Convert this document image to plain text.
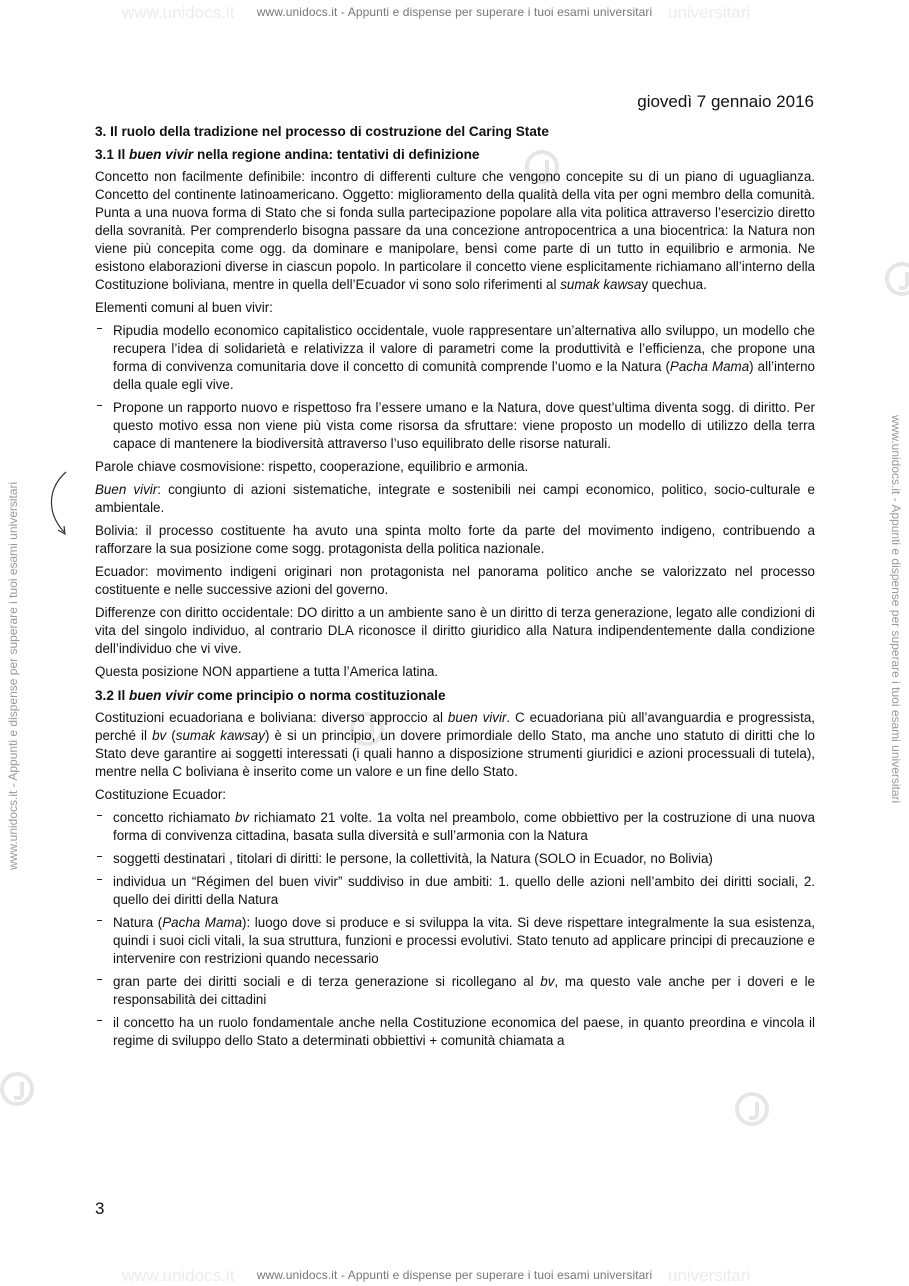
www.unidocs.it	universitari
www.unidocs.it	universitari
www.unidocs.it - Appunti e dispense per superare i tuoi esami universitari
www.unidocs.it - Appunti e dispense per superare i tuoi esami universitari	www.unidocs.it - Appunti e dispense per superare i tuoi esami universitari
giovedì 7 gennaio 2016
3. Il ruolo della tradizione nel processo di costruzione del Caring State
3.1 Il buen vivir nella regione andina: tentativi di definizione

Concetto non facilmente definibile: incontro di differenti culture che vengono concepite su di un piano di uguaglianza. Concetto del continente latinoamericano. Oggetto: miglioramento della qualità della vita per ogni membro della comunità. Punta a una nuova forma di Stato che si fonda sulla partecipazione popolare alla vita politica attraverso l’esercizio diretto della sovranità. Per comprenderlo bisogna passare da una concezione antropocentrica a una biocentrica: la Natura non viene più concepita come ogg. da dominare e manipolare, bensì come parte di un tutto in equilibrio e armonia. Ne esistono elaborazioni diverse in ciascun popolo. In particolare il concetto viene esplicitamente richiamano all’interno della Costituzione boliviana, mentre in quella dell’Ecuador vi sono solo riferimenti al sumak kawsay quechua.

Elementi comuni al buen vivir:

Ripudia modello economico capitalistico occidentale, vuole rappresentare un’alternativa allo sviluppo, un modello che recupera l’idea di solidarietà e relativizza il valore di parametri come la produttività e l’efficienza, che propone una forma di convivenza comunitaria dove il concetto di comunità comprende l’uomo e la Natura (Pacha Mama) all’interno della quale egli vive.
Propone un rapporto nuovo e rispettoso fra l’essere umano e la Natura, dove quest’ultima diventa sogg. di diritto. Per questo motivo essa non viene più vista come risorsa da sfruttare: viene proposto un modello di utilizzo della terra capace di mantenere la biodiversità attraverso l’uso equilibrato delle risorse naturali.

Parole chiave cosmovisione: rispetto, cooperazione, equilibrio e armonia.

Buen vivir: congiunto di azioni sistematiche, integrate e sostenibili nei campi economico, politico, socio-culturale e ambientale.

Bolivia: il processo costituente ha avuto una spinta molto forte da parte del movimento indigeno, contribuendo a rafforzare la sua posizione come sogg. protagonista della politica nazionale.

Ecuador: movimento indigeni originari non protagonista nel panorama politico anche se valorizzato nel processo costituente e nelle successive azioni del governo.

Differenze con diritto occidentale: DO diritto a un ambiente sano è un diritto di terza generazione, legato alle condizioni di vita del singolo individuo, al contrario DLA riconosce il diritto giuridico alla Natura indipendentemente dalla condizione dell’individuo che vi vive.

Questa posizione NON appartiene a tutta l’America latina.

3.2 Il buen vivir come principio o norma costituzionale

Costituzioni ecuadoriana e boliviana: diverso approccio al buen vivir. C ecuadoriana più all’avanguardia e progressista, perché il bv (sumak kawsay) è si un principio, un dovere primordiale dello Stato, ma anche uno statuto di diritti che lo Stato deve garantire ai soggetti interessati (i quali hanno a disposizione strumenti giuridici e azioni processuali di tutela), mentre nella C boliviana è inserito come un valore e un fine dello Stato.

Costituzione Ecuador:

concetto richiamato bv richiamato 21 volte. 1a volta nel preambolo, come obbiettivo per la costruzione di una nuova forma di convivenza cittadina, basata sulla diversità e sull’armonia con la Natura
soggetti destinatari , titolari di diritti: le persone, la collettività, la Natura (SOLO in Ecuador, no Bolivia)
individua un “Régimen del buen vivir” suddiviso in due ambiti: 1. quello delle azioni nell’ambito dei diritti sociali, 2. quello dei diritti della Natura
Natura (Pacha Mama): luogo dove si produce e si sviluppa la vita. Si deve rispettare integralmente la sua esistenza, quindi i suoi cicli vitali, la sua struttura, funzioni e processi evolutivi. Stato tenuto ad applicare principi di precauzione e intervenire con restrizioni quando necessario
gran parte dei diritti sociali e di terza generazione si ricollegano al bv, ma questo vale anche per i doveri e le responsabilità dei cittadini
il concetto ha un ruolo fondamentale anche nella Costituzione economica del paese, in quanto preordina e vincola il regime di sviluppo dello Stato a determinati obbiettivi + comunità chiamata a
3
www.unidocs.it - Appunti e dispense per superare i tuoi esami universitari
